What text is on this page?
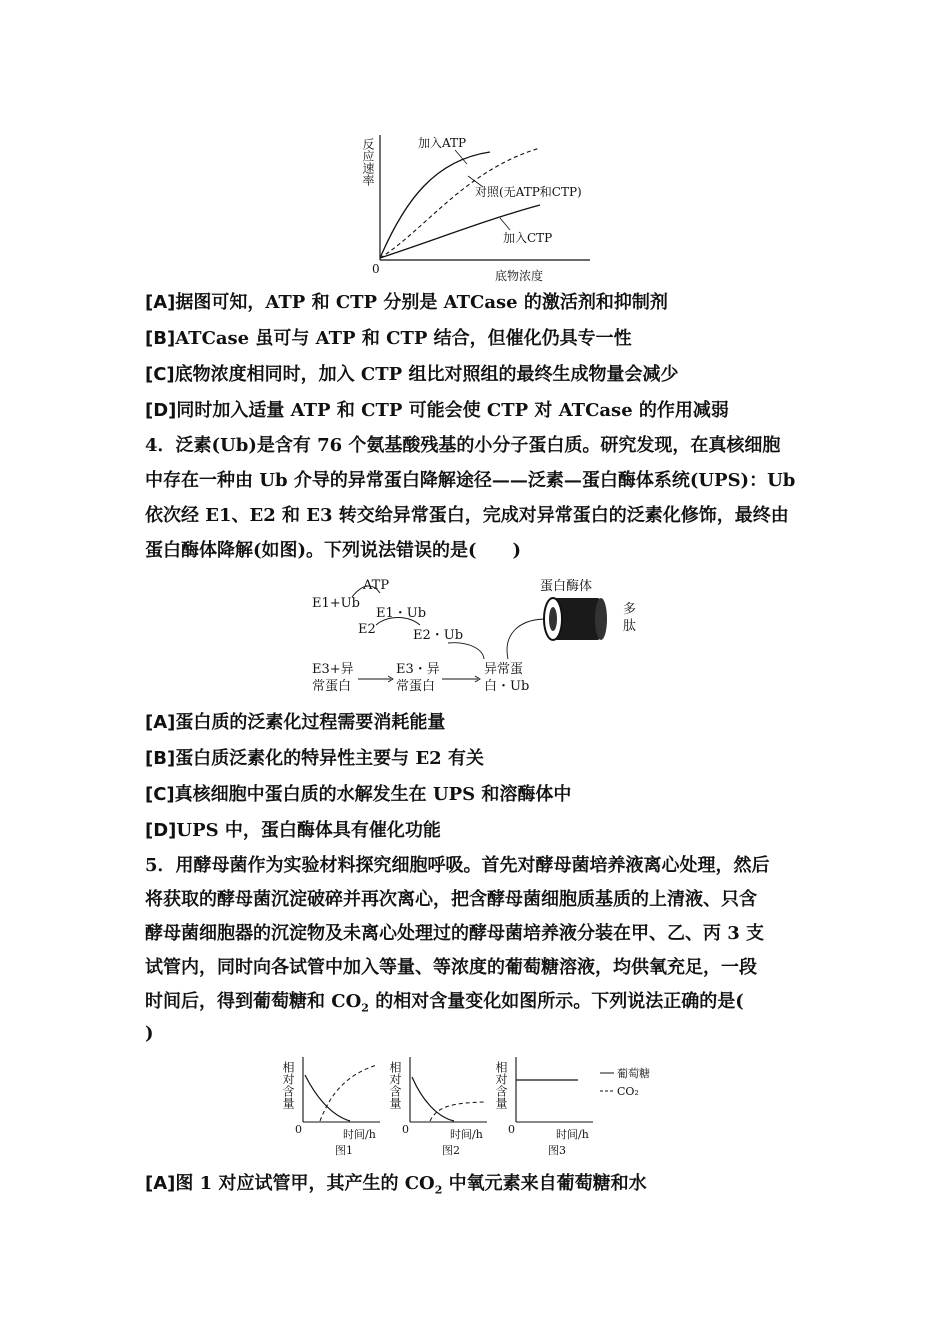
反应速率
0	底物浓度
加入ATP
对照(无ATP和CTP)
加入CTP
[A]据图可知，ATP 和 CTP 分别是 ATCase 的激活剂和抑制剂
[B]ATCase 虽可与 ATP 和 CTP 结合，但催化仍具专一性
[C]底物浓度相同时，加入 CTP 组比对照组的最终生成物量会减少
[D]同时加入适量 ATP 和 CTP 可能会使 CTP 对 ATCase 的作用减弱
4．泛素(Ub)是含有 76 个氨基酸残基的小分子蛋白质。研究发现，在真核细胞
中存在一种由 Ub 介导的异常蛋白降解途径——泛素—蛋白酶体系统(UPS)：Ub
依次经 E1、E2 和 E3 转交给异常蛋白，完成对异常蛋白的泛素化修饰，最终由
蛋白酶体降解(如图)。下列说法错误的是(　　)
ATP
E1+Ub
E1・Ub
E2	E2・Ub
E3+异
常蛋白
E3・异
常蛋白
异常蛋
白・Ub
蛋白酶体
多
肽
[A]蛋白质的泛素化过程需要消耗能量
[B]蛋白质泛素化的特异性主要与 E2 有关
[C]真核细胞中蛋白质的水解发生在 UPS 和溶酶体中
[D]UPS 中，蛋白酶体具有催化功能
5．用酵母菌作为实验材料探究细胞呼吸。首先对酵母菌培养液离心处理，然后
将获取的酵母菌沉淀破碎并再次离心，把含酵母菌细胞质基质的上清液、只含
酵母菌细胞器的沉淀物及未离心处理过的酵母菌培养液分装在甲、乙、丙 3 支
试管内，同时向各试管中加入等量、等浓度的葡萄糖溶液，均供氧充足，一段
时间后，得到葡萄糖和 $CO_2$ 的相对含量变化如图所示。下列说法正确的是(
)
相对含量
0	时间/h
图1
相对含量
0	时间/h
图2
相对含量
0	时间/h
图3
葡萄糖
CO₂
[A]图 1 对应试管甲，其产生的 $CO_2$ 中氧元素来自葡萄糖和水
